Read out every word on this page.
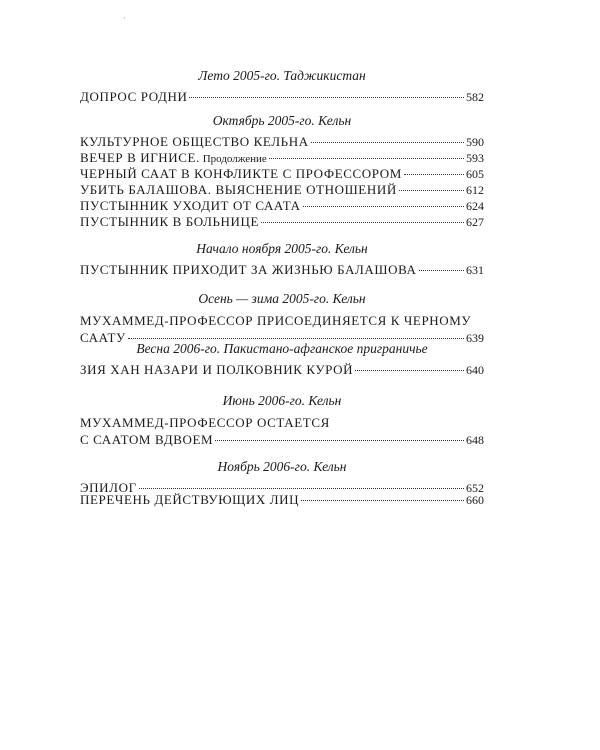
·
Лето 2005-го. Таджикистан
ДОПРОС РОДНИ	582
Октябрь 2005-го. Кельн
КУЛЬТУРНОЕ ОБЩЕСТВО КЕЛЬНА	590
ВЕЧЕР В ИГНИСЕ. Продолжение	593
ЧЕРНЫЙ СААТ В КОНФЛИКТЕ С ПРОФЕССОРОМ	605
УБИТЬ БАЛАШОВА. ВЫЯСНЕНИЕ ОТНОШЕНИЙ	612
ПУСТЫННИК УХОДИТ ОТ СААТА	624
ПУСТЫННИК В БОЛЬНИЦЕ	627
Начало ноября 2005-го. Кельн
ПУСТЫННИК ПРИХОДИТ ЗА ЖИЗНЬЮ БАЛАШОВА	631
Осень — зима 2005-го. Кельн
МУХАММЕД-ПРОФЕССОР ПРИСОЕДИНЯЕТСЯ К ЧЕРНОМУ
СААТУ	639
Весна 2006-го. Пакистано-афганское приграничье
ЗИЯ ХАН НАЗАРИ И ПОЛКОВНИК КУРОЙ	640
Июнь 2006-го. Кельн
МУХАММЕД-ПРОФЕССОР ОСТАЕТСЯ
С СААТОМ ВДВОЕМ	648
Ноябрь 2006-го. Кельн
ЭПИЛОГ	652
ПЕРЕЧЕНЬ ДЕЙСТВУЮЩИХ ЛИЦ	660
